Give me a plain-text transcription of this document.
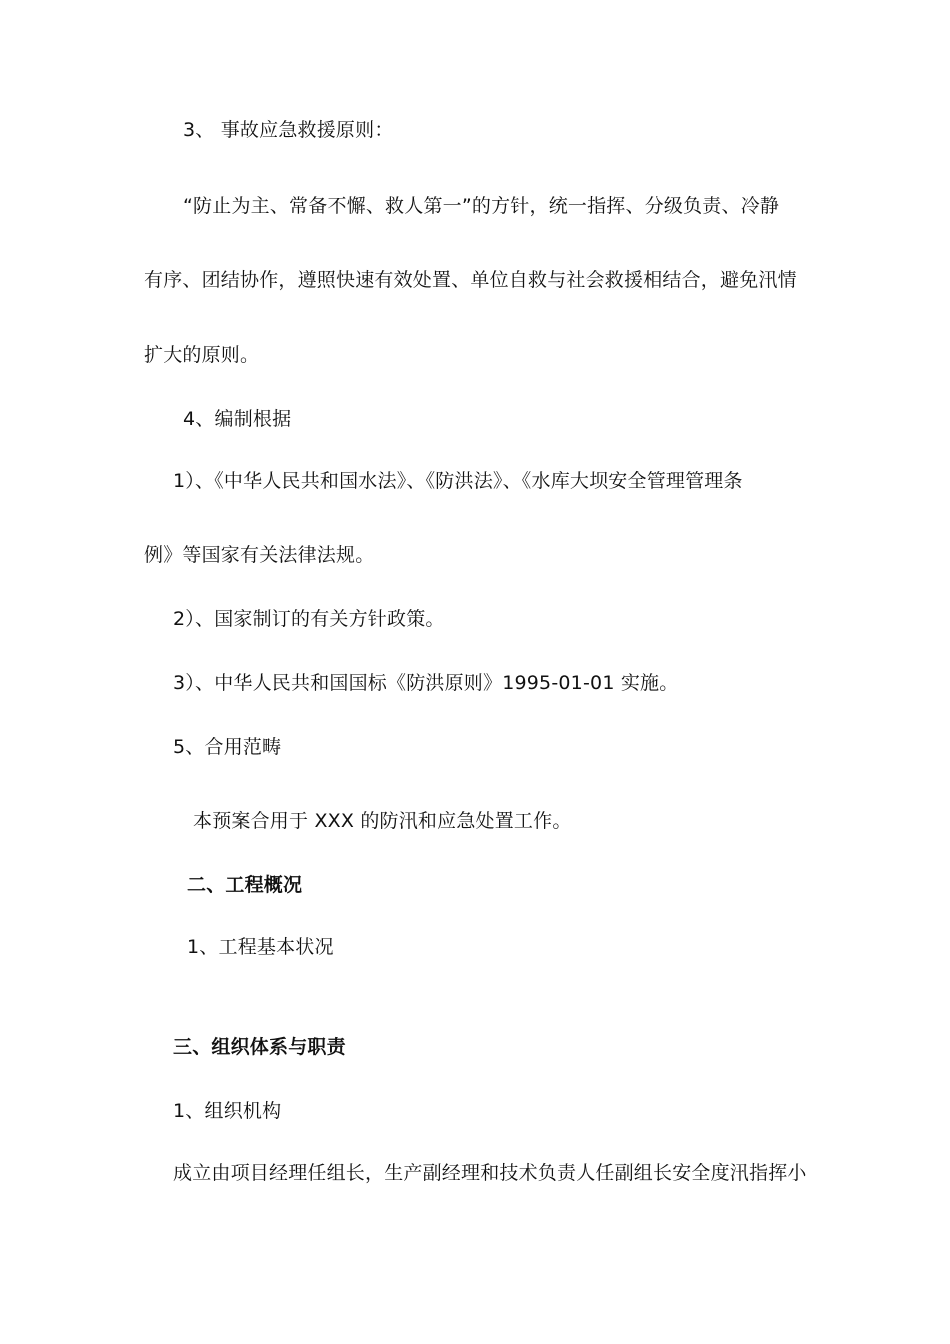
3、 事故应急救援原则：
“防止为主、常备不懈、救人第一”的方针，统一指挥、分级负责、冷静
有序、团结协作，遵照快速有效处置、单位自救与社会救援相结合，避免汛情
扩大的原则。
4、编制根据
1）、《中华人民共和国水法》、《防洪法》、《水库大坝安全管理管理条
例》等国家有关法律法规。
2）、国家制订的有关方针政策。
3）、中华人民共和国国标《防洪原则》1995-01-01 实施。
5、合用范畴
本预案合用于 XXX 的防汛和应急处置工作。
二、工程概况
1、工程基本状况
三、组织体系与职责
1、组织机构
成立由项目经理任组长，生产副经理和技术负责人任副组长安全度汛指挥小
